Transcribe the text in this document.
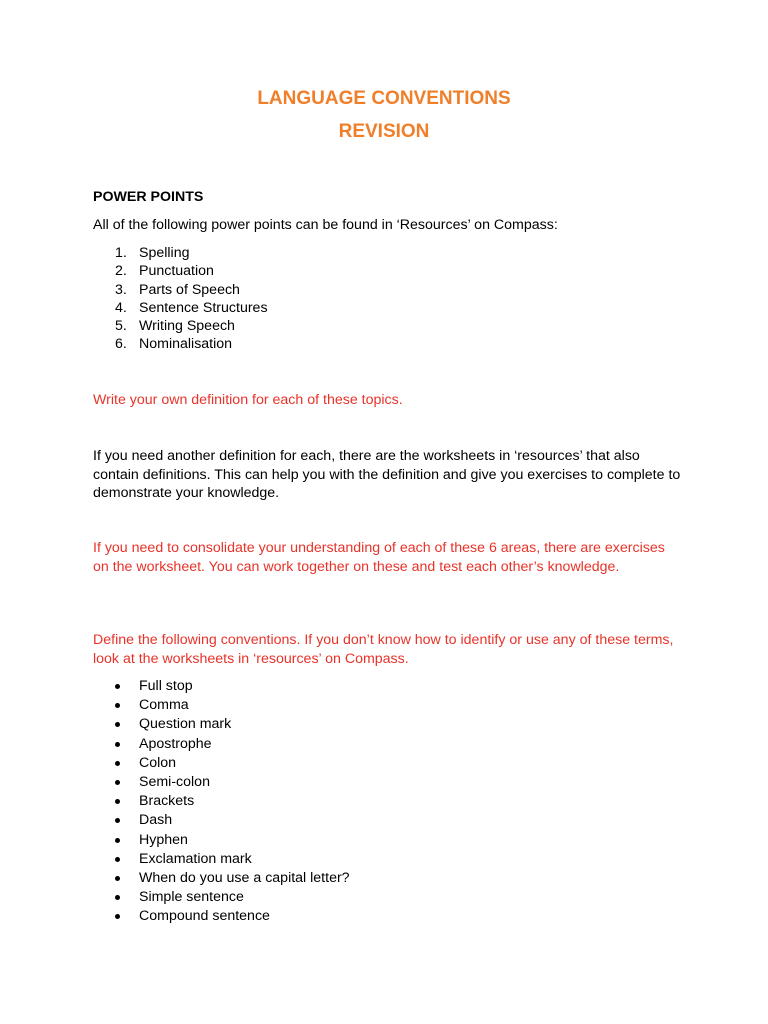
LANGUAGE CONVENTIONS
REVISION
POWER POINTS

All of the following power points can be found in ‘Resources’ on Compass:

1. Spelling
2. Punctuation
3. Parts of Speech
4. Sentence Structures
5. Writing Speech
6. Nominalisation

Write your own definition for each of these topics.

If you need another definition for each, there are the worksheets in ‘resources’ that also contain definitions. This can help you with the definition and give you exercises to complete to demonstrate your knowledge.

If you need to consolidate your understanding of each of these 6 areas, there are exercises on the worksheet. You can work together on these and test each other’s knowledge.

Define the following conventions. If you don’t know how to identify or use any of these terms, look at the worksheets in ‘resources’ on Compass.

Full stop
Comma
Question mark
Apostrophe
Colon
Semi-colon
Brackets
Dash
Hyphen
Exclamation mark
When do you use a capital letter?
Simple sentence
Compound sentence
